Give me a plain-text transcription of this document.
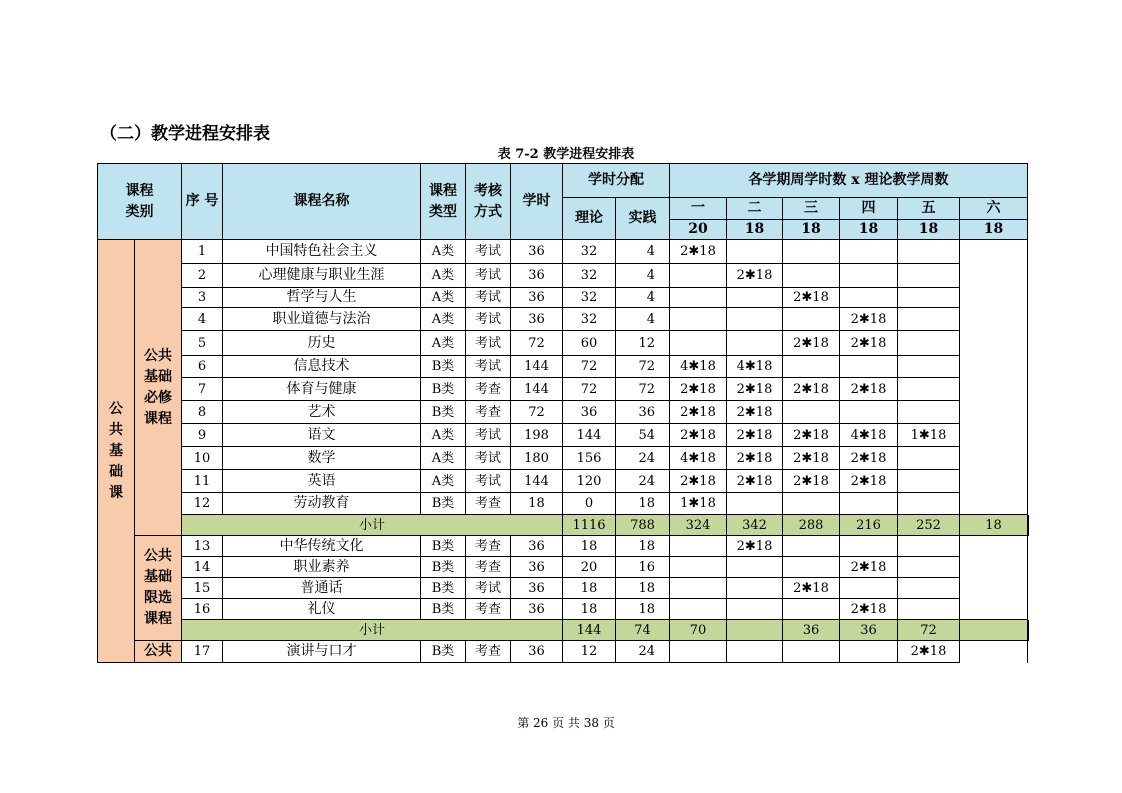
（二）教学进程安排表
表 7-2 教学进程安排表
课程类别		序 号	课程名称	课程类型	考核方式	学时	学时分配		各学期周学时数 x 理论教学周数						
							理论	实践	一	二	三	四	五	六	
									20	18	18	18	18	18	
公共基础课	公共基础必修课程	1	中国特色社会主义	A类	考试	36	32	4	2✱18						
		2	心理健康与职业生涯	A类	考试	36	32	4		2✱18					
		3	哲学与人生	A类	考试	36	32	4			2✱18				
		4	职业道德与法治	A类	考试	36	32	4				2✱18			
		5	历史	A类	考试	72	60	12			2✱18	2✱18			
		6	信息技术	B类	考试	144	72	72	4✱18	4✱18					
		7	体育与健康	B类	考查	144	72	72	2✱18	2✱18	2✱18	2✱18			
		8	艺术	B类	考查	72	36	36	2✱18	2✱18					
		9	语文	A类	考试	198	144	54	2✱18	2✱18	2✱18	4✱18	1✱18		
		10	数学	A类	考试	180	156	24	4✱18	2✱18	2✱18	2✱18			
		11	英语	A类	考试	144	120	24	2✱18	2✱18	2✱18	2✱18			
		12	劳动教育	B类	考查	18	0	18	1✱18						
		小计					1116	788	324	342	288	216	252	18	
	公共基础限选课程	13	中华传统文化	B类	考查	36	18	18		2✱18					
		14	职业素养	B类	考查	36	20	16				2✱18			
		15	普通话	B类	考试	36	18	18			2✱18				
		16	礼仪	B类	考查	36	18	18				2✱18			
		小计					144	74	70		36	36	72		
	公共	17	演讲与口才	B类	考查	36	12	24					2✱18		
第 26 页 共 38 页
